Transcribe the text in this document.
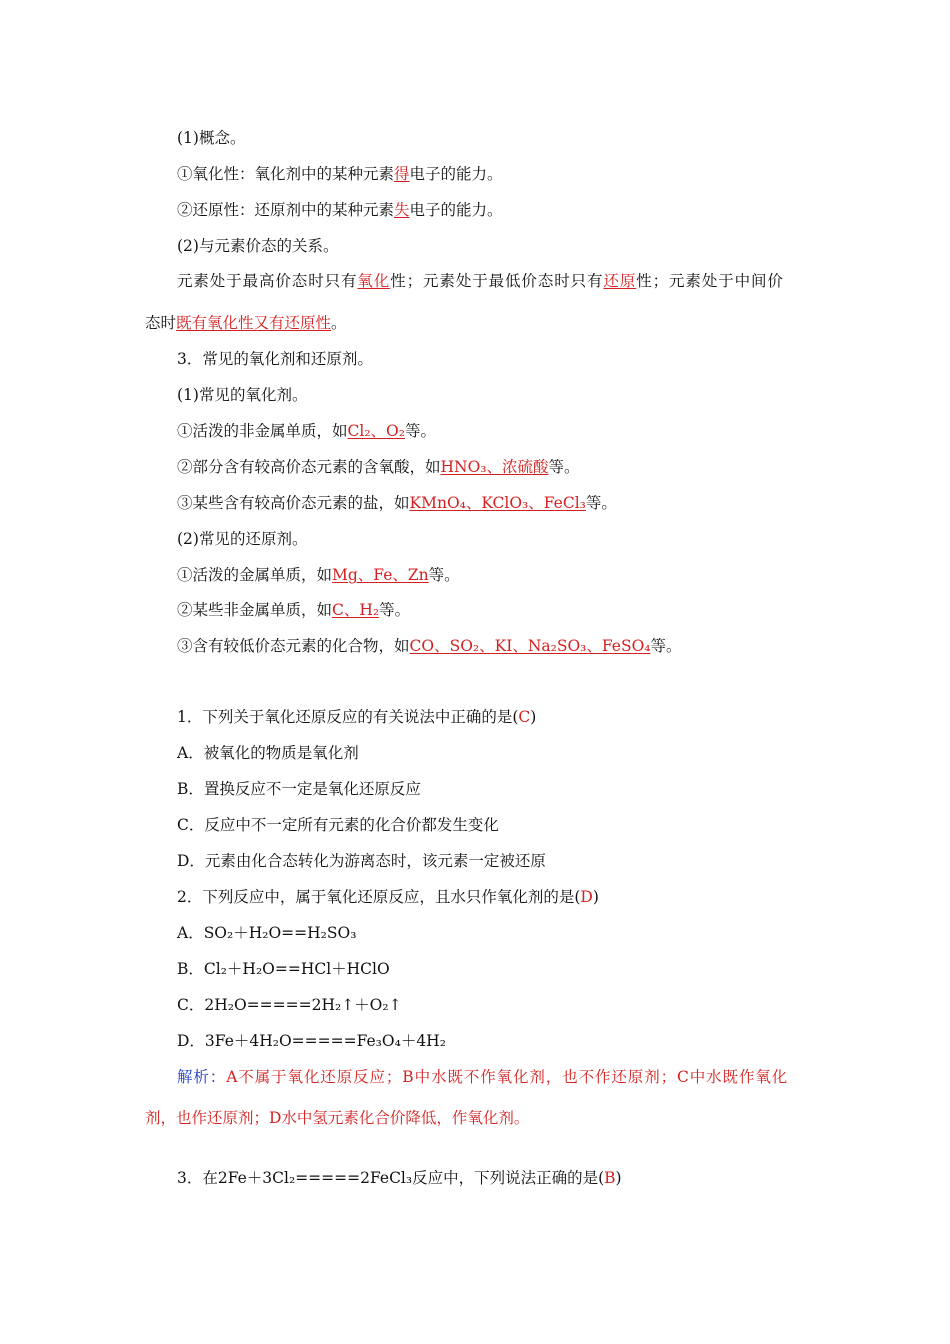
(1)概念。
①氧化性：氧化剂中的某种元素得电子的能力。
②还原性：还原剂中的某种元素失电子的能力。
(2)与元素价态的关系。
元素处于最高价态时只有氧化性；元素处于最低价态时只有还原性；元素处于中间价
态时既有氧化性又有还原性。
3．常见的氧化剂和还原剂。
(1)常见的氧化剂。
①活泼的非金属单质，如Cl₂、O₂等。
②部分含有较高价态元素的含氧酸，如HNO₃、浓硫酸等。
③某些含有较高价态元素的盐，如KMnO₄、KClO₃、FeCl₃等。
(2)常见的还原剂。
①活泼的金属单质，如Mg、Fe、Zn等。
②某些非金属单质，如C、H₂等。
③含有较低价态元素的化合物，如CO、SO₂、KI、Na₂SO₃、FeSO₄等。
1．下列关于氧化还原反应的有关说法中正确的是(C)
A．被氧化的物质是氧化剂
B．置换反应不一定是氧化还原反应
C．反应中不一定所有元素的化合价都发生变化
D．元素由化合态转化为游离态时，该元素一定被还原
2．下列反应中，属于氧化还原反应，且水只作氧化剂的是(D)
A．SO₂＋H₂O==H₂SO₃
B．Cl₂＋H₂O==HCl＋HClO
C．2H₂O=====2H₂↑＋O₂↑
D．3Fe＋4H₂O=====Fe₃O₄＋4H₂
解析：A不属于氧化还原反应；B中水既不作氧化剂，也不作还原剂；C中水既作氧化
剂，也作还原剂；D水中氢元素化合价降低，作氧化剂。
3．在2Fe＋3Cl₂=====2FeCl₃反应中，下列说法正确的是(B)
